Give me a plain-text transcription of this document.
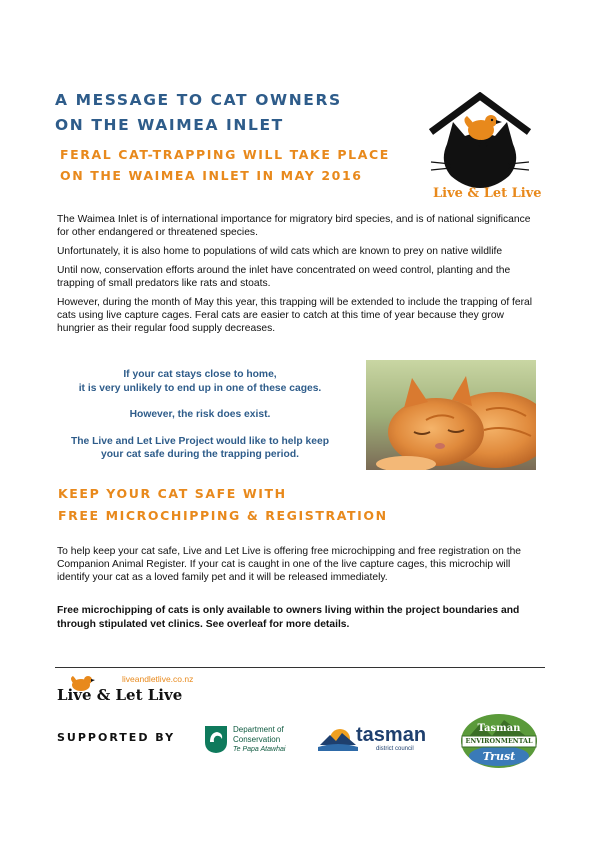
A MESSAGE TO CAT OWNERS
ON THE WAIMEA INLET
FERAL CAT-TRAPPING WILL TAKE PLACE
ON THE WAIMEA INLET IN MAY 2016
Live & Let Live

The Waimea Inlet is of international importance for migratory bird species, and is of national significance for other endangered or threatened species.

Unfortunately, it is also home to populations of wild cats which are known to prey on native wildlife

Until now, conservation efforts around the inlet have concentrated on weed control, planting and the trapping of small predators like rats and stoats.

However, during the month of May this year, this trapping will be extended to include the trapping of feral cats using live capture cages. Feral cats are easier to catch at this time of year because they grow hungrier as their regular food supply decreases.

If your cat stays close to home,
it is very unlikely to end up in one of these cages.
However, the risk does exist.
The Live and Let Live Project would like to help keep
your cat safe during the trapping period.
KEEP YOUR CAT SAFE WITH
FREE MICROCHIPPING & REGISTRATION
To help keep your cat safe, Live and Let Live is offering free microchipping and free registration on the Companion Animal Register. If your cat is caught in one of the live capture cages, this microchip will identify your cat as a loved family pet and it will be released immediately.
Free microchipping of cats is only available to owners living within the project boundaries and through stipulated vet clinics. See overleaf for more details.
liveandletlive.co.nz
Live & Let Live
SUPPORTED BY
Department of
Conservation
Te Papa Atawhai
tasman
district council
Tasman
ENVIRONMENTAL
Trust
